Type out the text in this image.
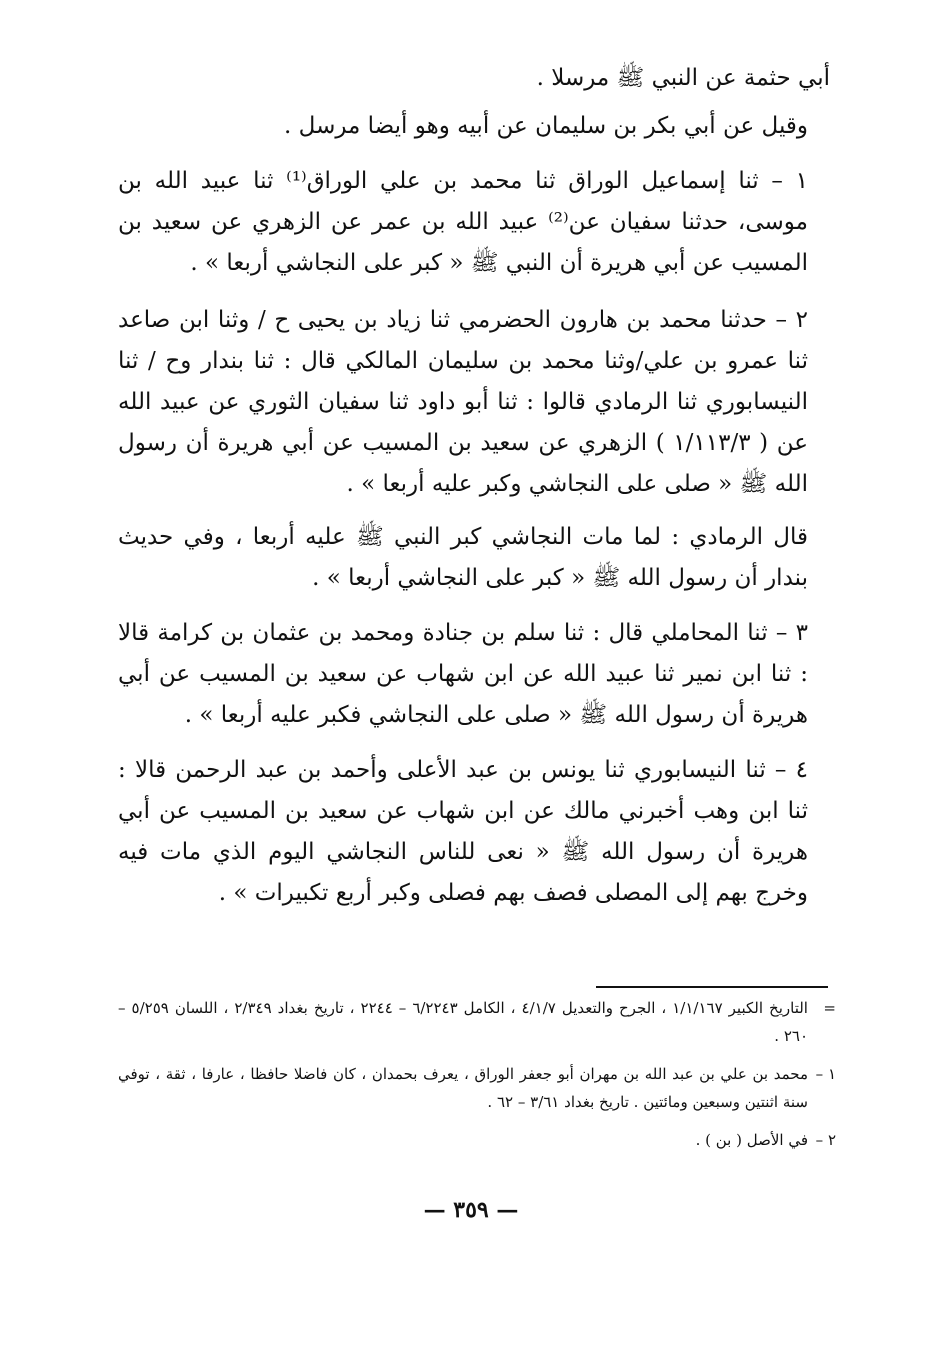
أبي حثمة عن النبي ﷺ مرسلا .

وقيل عن أبي بكر بن سليمان عن أبيه وهو أيضا مرسل .

١ – ثنا إسماعيل الوراق ثنا محمد بن علي الوراق⁽¹⁾ ثنا عبيد الله بن موسى، حدثنا سفيان عن⁽²⁾ عبيد الله بن عمر عن الزهري عن سعيد بن المسيب عن أبي هريرة أن النبي ﷺ « كبر على النجاشي أربعا » .

٢ – حدثنا محمد بن هارون الحضرمي ثنا زياد بن يحيى ح / وثنا ابن صاعد ثنا عمرو بن علي/وثنا محمد بن سليمان المالكي قال : ثنا بندار وح / ثنا النيسابوري ثنا الرمادي قالوا : ثنا أبو داود ثنا سفيان الثوري عن عبيد الله عن ( ١/١١٣/٣ ) الزهري عن سعيد بن المسيب عن أبي هريرة أن رسول الله ﷺ « صلى على النجاشي وكبر عليه أربعا » .

قال الرمادي : لما مات النجاشي كبر النبي ﷺ عليه أربعا ، وفي حديث بندار أن رسول الله ﷺ « كبر على النجاشي أربعا » .

٣ – ثنا المحاملي قال : ثنا سلم بن جنادة ومحمد بن عثمان بن كرامة قالا : ثنا ابن نمير ثنا عبيد الله عن ابن شهاب عن سعيد بن المسيب عن أبي هريرة أن رسول الله ﷺ « صلى على النجاشي فكبر عليه أربعا » .

٤ – ثنا النيسابوري ثنا يونس بن عبد الأعلى وأحمد بن عبد الرحمن قالا : ثنا ابن وهب أخبرني مالك عن ابن شهاب عن سعيد بن المسيب عن أبي هريرة أن رسول الله ﷺ « نعى للناس النجاشي اليوم الذي مات فيه وخرج بهم إلى المصلى فصف بهم فصلى وكبر أربع تكبيرات » .

=
التاريخ الكبير ١/١/١٦٧ ، الجرح والتعديل ٤/١/٧ ، الكامل ٦/٢٢٤٣ – ٢٢٤٤ ، تاريخ بغداد ٢/٣٤٩ ، اللسان ٥/٢٥٩ – ٢٦٠ .
١ –
محمد بن علي بن عبد الله بن مهران أبو جعفر الوراق ، يعرف بحمدان ، كان فاضلا حافظا ، عارفا ، ثقة ، توفي سنة اثنتين وسبعين ومائتين . تاريخ بغداد ٣/٦١ – ٦٢ .
٢ –
في الأصل ( بن ) .
— ٣٥٩ —
